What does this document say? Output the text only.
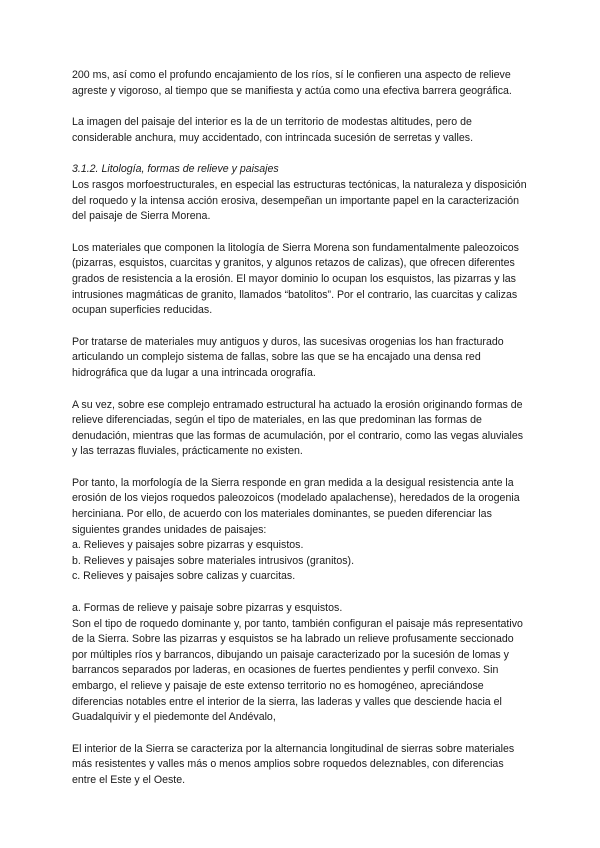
200 ms, así como el profundo encajamiento de los ríos, sí le confieren una aspecto de relieve agreste y vigoroso, al tiempo que se manifiesta y actúa como una efectiva barrera geográfica.

La imagen del paisaje del interior es la de un territorio de modestas altitudes, pero de considerable anchura, muy accidentado, con intrincada sucesión de serretas y valles.

3.1.2. Litología, formas de relieve y paisajes

Los rasgos morfoestructurales, en especial las estructuras tectónicas, la naturaleza y disposición del roquedo y la intensa acción erosiva, desempeñan un importante papel en la caracterización del paisaje de Sierra Morena.

Los materiales que componen la litología de Sierra Morena son fundamentalmente paleozoicos (pizarras, esquistos, cuarcitas y granitos, y algunos retazos de calizas), que ofrecen diferentes grados de resistencia a la erosión. El mayor dominio lo ocupan los esquistos, las pizarras y las intrusiones magmáticas de granito, llamados “batolitos”. Por el contrario, las cuarcitas y calizas ocupan superficies reducidas.

Por tratarse de materiales muy antiguos y duros, las sucesivas orogenias los han fracturado articulando un complejo sistema de fallas, sobre las que se ha encajado una densa red hidrográfica que da lugar a una intrincada orografía.

A su vez, sobre ese complejo entramado estructural ha actuado la erosión originando formas de relieve diferenciadas, según el tipo de materiales, en las que predominan las formas de denudación, mientras que las formas de acumulación, por el contrario, como las vegas aluviales y las terrazas fluviales, prácticamente no existen.

Por tanto, la morfología de la Sierra responde en gran medida a la desigual resistencia ante la erosión de los viejos roquedos paleozoicos (modelado apalachense), heredados de la orogenia herciniana. Por ello, de acuerdo con los materiales dominantes, se pueden diferenciar las siguientes grandes unidades de paisajes:

a. Relieves y paisajes sobre pizarras y esquistos.

b. Relieves y paisajes sobre materiales intrusivos (granitos).

c. Relieves y paisajes sobre calizas y cuarcitas.

a. Formas de relieve y paisaje sobre pizarras y esquistos.

Son el tipo de roquedo dominante y, por tanto, también configuran el paisaje más representativo de la Sierra. Sobre las pizarras y esquistos se ha labrado un relieve profusamente seccionado por múltiples ríos y barrancos, dibujando un paisaje caracterizado por la sucesión de lomas y barrancos separados por laderas, en ocasiones de fuertes pendientes y perfil convexo. Sin embargo, el relieve y paisaje de este extenso territorio no es homogéneo, apreciándose diferencias notables entre el interior de la sierra, las laderas y valles que desciende hacia el Guadalquivir y el piedemonte del Andévalo,

El interior de la Sierra se caracteriza por la alternancia longitudinal de sierras sobre materiales más resistentes y valles más o menos amplios sobre roquedos deleznables, con diferencias entre el Este y el Oeste.
